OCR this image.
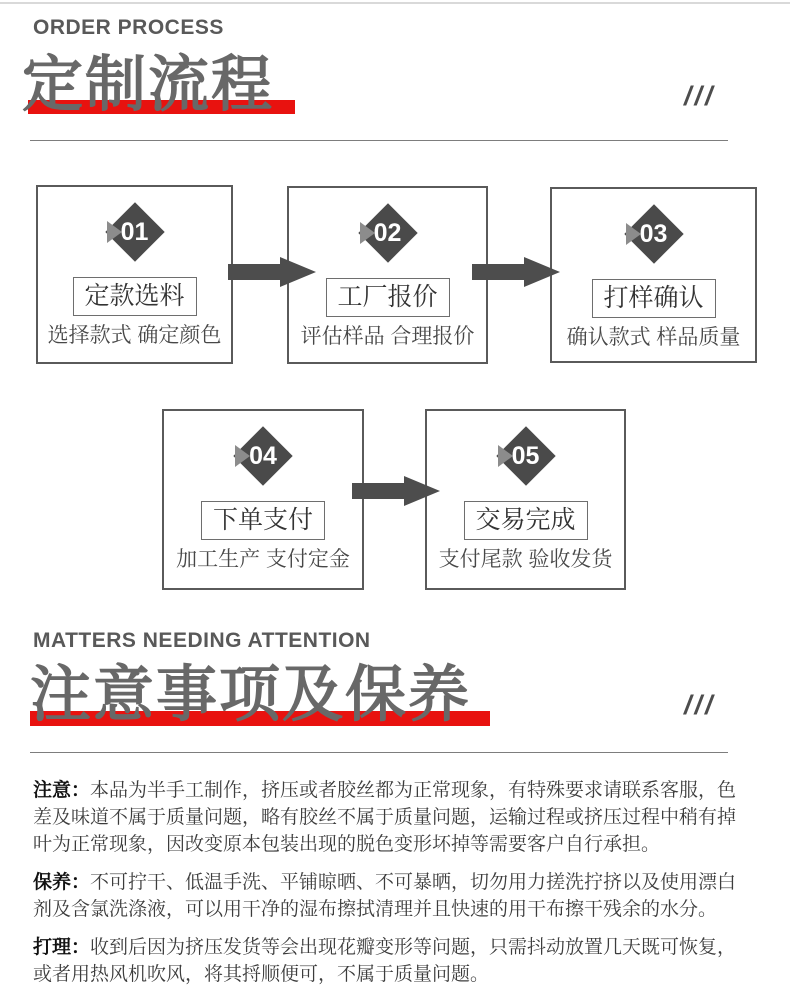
ORDER PROCESS
定制流程	///
01
定款选料
选择款式 确定颜色
02
工厂报价
评估样品 合理报价
03
打样确认
确认款式 样品质量
04
下单支付
加工生产 支付定金
05
交易完成
支付尾款 验收发货
MATTERS NEEDING ATTENTION
注意事项及保养	///
注意：本品为半手工制作，挤压或者胶丝都为正常现象，有特殊要求请联系客服，色
差及味道不属于质量问题，略有胶丝不属于质量问题，运输过程或挤压过程中稍有掉
叶为正常现象，因改变原本包装出现的脱色变形坏掉等需要客户自行承担。
保养：不可拧干、低温手洗、平铺晾晒、不可暴晒，切勿用力搓洗拧挤以及使用漂白
剂及含氯洗涤液，可以用干净的湿布擦拭清理并且快速的用干布擦干残余的水分。
打理：收到后因为挤压发货等会出现花瓣变形等问题，只需抖动放置几天既可恢复，
或者用热风机吹风，将其捋顺便可，不属于质量问题。
